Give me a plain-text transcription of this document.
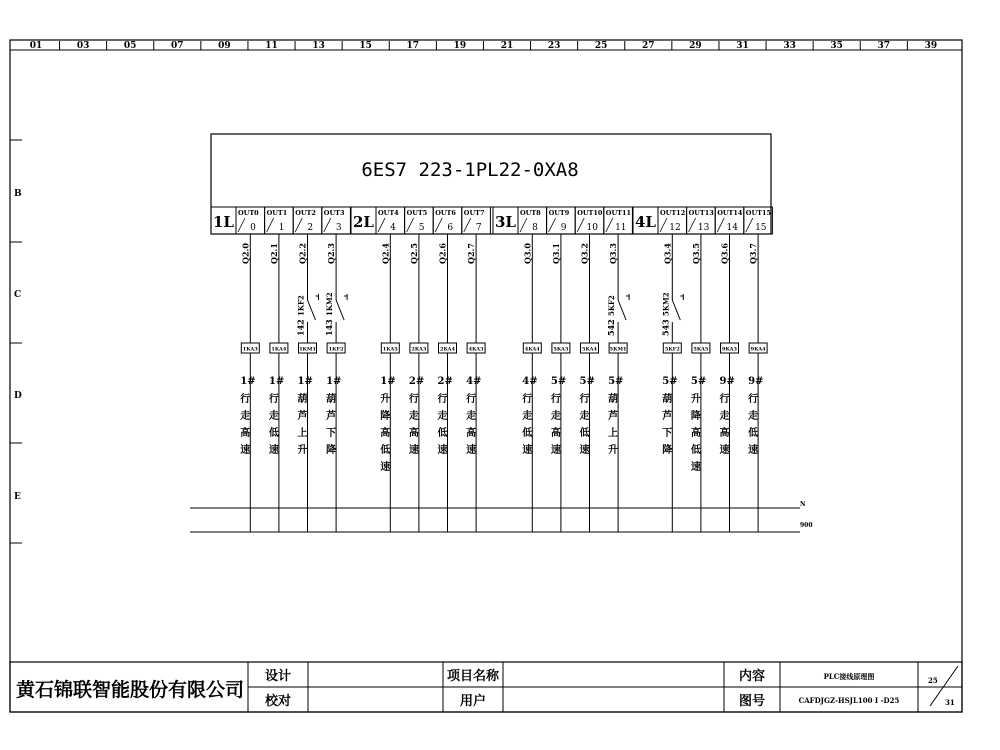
01	03	05	07	09	11	13	15	17	19	21	23	25	27	29	31	33	35	37	39
B
C
D
E
6ES7 223-1PL22-0XA8
1L OUT0
0
OUT1
1
OUT2
2
OUT3
3 2L OUT4
4
OUT5
5
OUT6
6
OUT7
7 3L OUT8
8
OUT9
9
OUT10
10
OUT11
11 4L OUT12
12
OUT13
13
OUT14
14
OUT15
15
Q2.0
1KA3
1#行走高速
Q2.1
1KA4
1#行走低速
142
1KF2
Q2.2
1KM1
1#葫芦上升
143
1KM2
Q2.3
1KF2
1#葫芦下降
Q2.4
1KA5
1#升降高低速
Q2.5
2KA3
2#行走高速
Q2.6
2KA4
2#行走低速
Q2.7
4KA3
4#行走高速
Q3.0
4KA4
4#行走低速
Q3.1
5KA3
5#行走高速
Q3.2
5KA4
5#行走低速
542
5KF2
Q3.3
5KM1
5#葫芦上升
543
5KM2
Q3.4
5KF2
5#葫芦下降
Q3.5
5KA5
5#升降高低速
Q3.6
9KA3
9#行走高速
Q3.7
9KA4
9#行走低速
N
900
黄石锦联智能股份有限公司
设计
校对
项目名称
用户
内容
图号
PLC接线原理图
CAFDJGZ-HSJL100 I -D25
25
31
